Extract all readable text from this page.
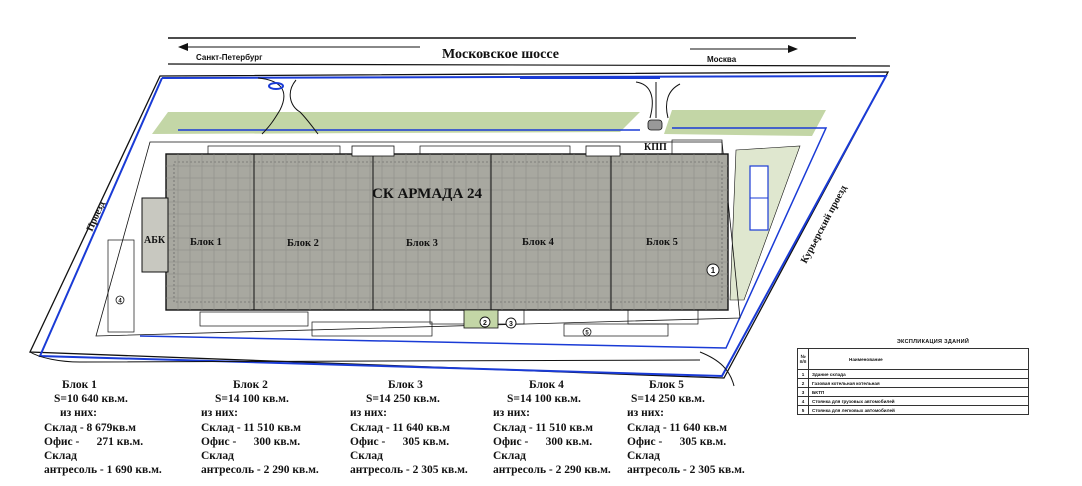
Санкт-Петербург	Москва
Московское шоссе
КПП
АБК
СК АРМАДА 24
Блок 1	Блок 2	Блок 3	Блок 4	Блок 5
1
2	3
4
5
Проезд	Курьерский проезд
Блок 1
S=10 640 кв.м.
из них:
Склад - 8 679кв.м
Офис -      271 кв.м.
Склад
антресоль - 1 690 кв.м.
Блок 2
S=14 100 кв.м.
из них:
Склад - 11 510 кв.м
Офис -      300 кв.м.
Склад
антресоль - 2 290 кв.м.
Блок 3
S=14 250 кв.м.
из них:
Склад - 11 640 кв.м
Офис -      305 кв.м.
Склад
антресоль - 2 305 кв.м.
Блок 4
S=14 100 кв.м.
из них:
Склад - 11 510 кв.м
Офис -      300 кв.м.
Склад
антресоль - 2 290 кв.м.
Блок 5
S=14 250 кв.м.
из них:
Склад - 11 640 кв.м
Офис -      305 кв.м.
Склад
антресоль - 2 305 кв.м.
ЭКСПЛИКАЦИЯ ЗДАНИЙ
№ п/п	Наименование
1	Здание склада
2	Газовая котельная котельная
3	БКТП
4	Стоянка для грузовых автомобилей
5	Стоянка для легковых автомобилей
